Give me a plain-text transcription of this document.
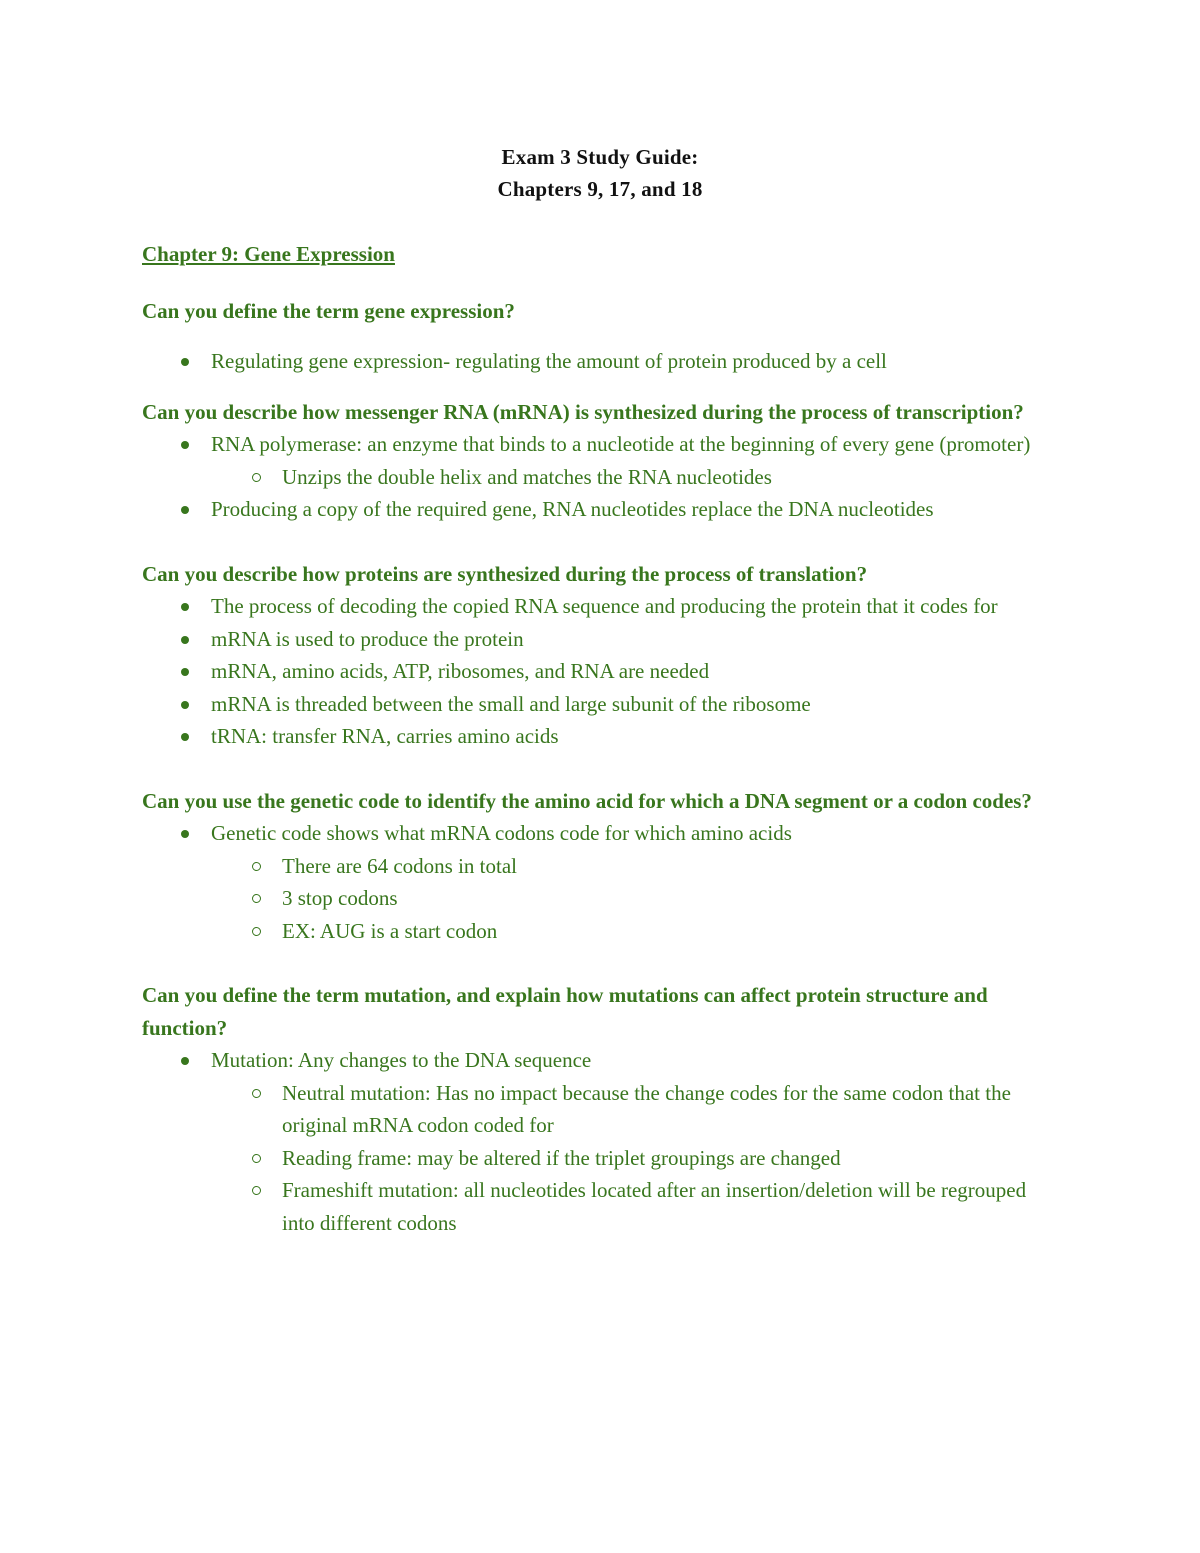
Exam 3 Study Guide:
Chapters 9, 17, and 18
Chapter 9: Gene Expression
Can you define the term gene expression?
Regulating gene expression- regulating the amount of protein produced by a cell
Can you describe how messenger RNA (mRNA) is synthesized during the process of transcription?
RNA polymerase: an enzyme that binds to a nucleotide at the beginning of every gene (promoter)
Unzips the double helix and matches the RNA nucleotides
Producing a copy of the required gene, RNA nucleotides replace the DNA nucleotides
Can you describe how proteins are synthesized during the process of translation?
The process of decoding the copied RNA sequence and producing the protein that it codes for
mRNA is used to produce the protein
mRNA, amino acids, ATP, ribosomes, and RNA are needed
mRNA is threaded between the small and large subunit of the ribosome
tRNA: transfer RNA, carries amino acids
Can you use the genetic code to identify the amino acid for which a DNA segment or a codon codes?
Genetic code shows what mRNA codons code for which amino acids
There are 64 codons in total
3 stop codons
EX: AUG is a start codon
Can you define the term mutation, and explain how mutations can affect protein structure and function?
Mutation: Any changes to the DNA sequence
Neutral mutation: Has no impact because the change codes for the same codon that the original mRNA codon coded for
Reading frame: may be altered if the triplet groupings are changed
Frameshift mutation: all nucleotides located after an insertion/deletion will be regrouped into different codons
